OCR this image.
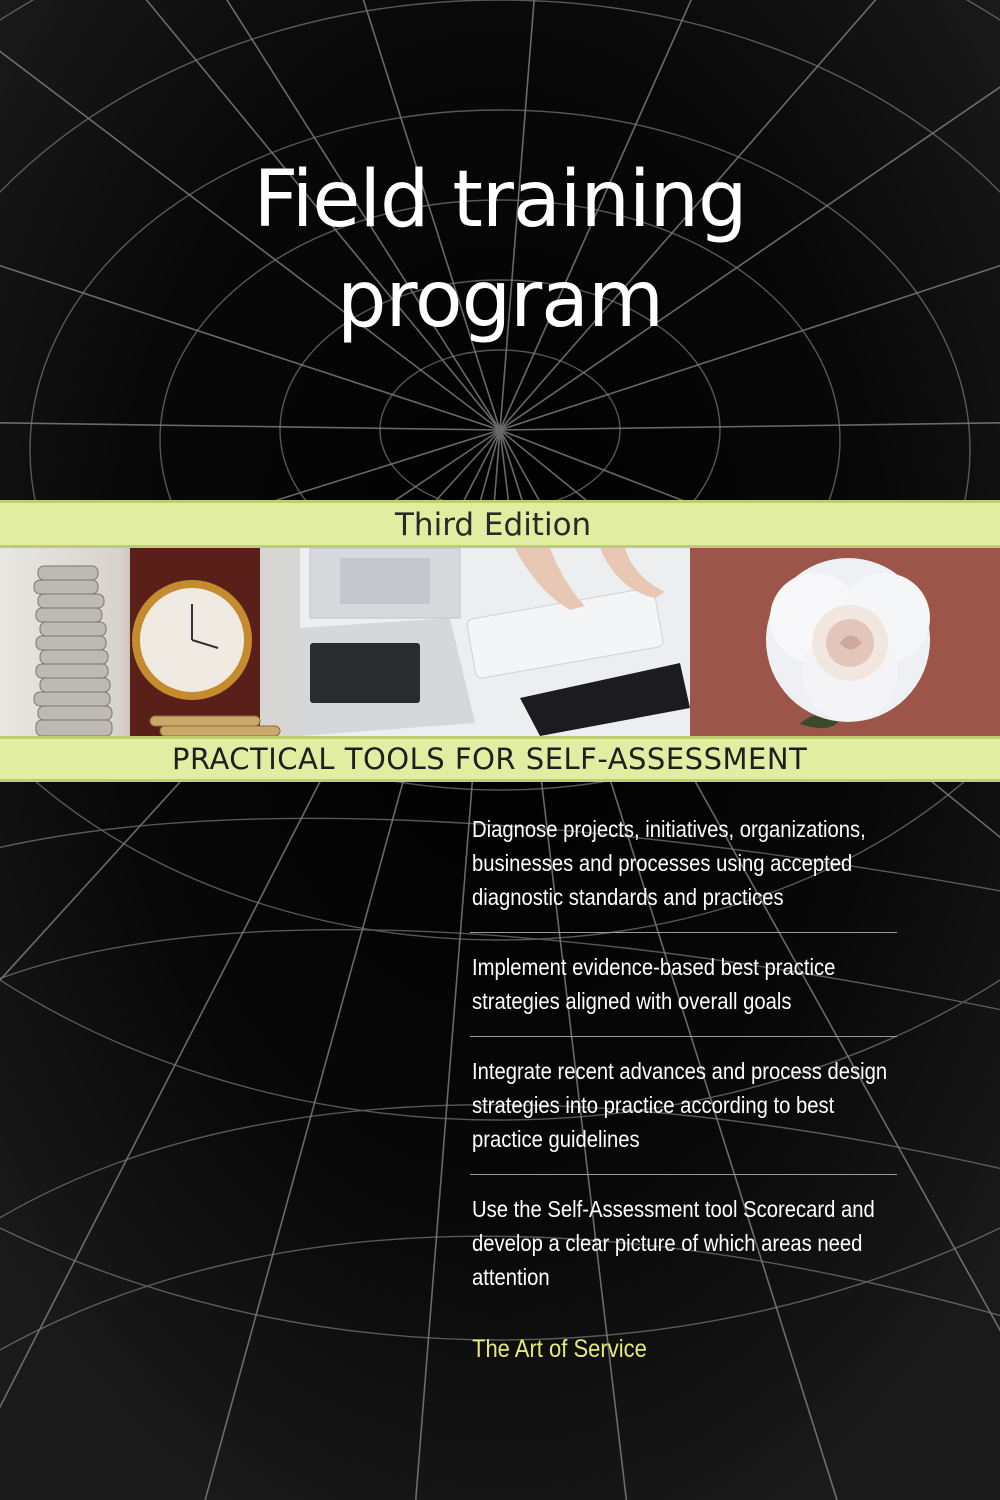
Field training
program
Third Edition
PRACTICAL TOOLS FOR SELF-ASSESSMENT
Diagnose projects, initiatives, organizations, businesses and processes using accepted diagnostic standards and practices
Implement evidence-based best practice strategies aligned with overall goals
Integrate recent advances and process design strategies into practice according to best practice guidelines
Use the Self-Assessment tool Scorecard and develop a clear picture of which areas need attention
The Art of Service
